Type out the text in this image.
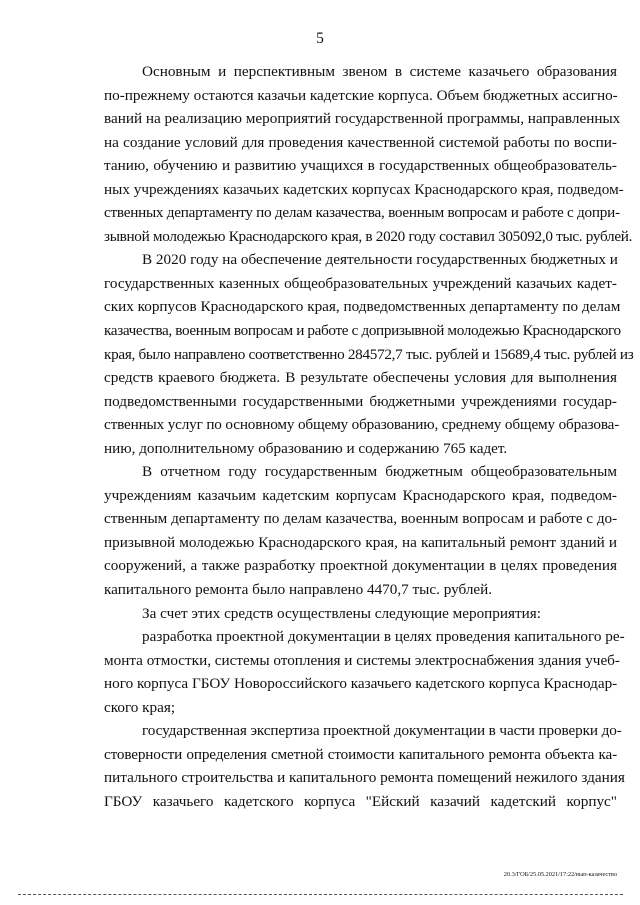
5
Основным и перспективным звеном в системе казачьего образования
по-прежнему остаются казачьи кадетские корпуса. Объем бюджетных ассигно-
ваний на реализацию мероприятий государственной программы, направленных
на создание условий для проведения качественной системой работы по воспи-
танию, обучению и развитию учащихся в государственных общеобразователь-
ных учреждениях казачьих кадетских корпусах Краснодарского края, подведом-
ственных департаменту по делам казачества, военным вопросам и работе с допри-
зывной молодежью Краснодарского края, в 2020 году составил 305092,0 тыс. рублей.
В 2020 году на обеспечение деятельности государственных бюджетных и
государственных казенных общеобразовательных учреждений казачьих кадет-
ских корпусов Краснодарского края, подведомственных департаменту по делам
казачества, военным вопросам и работе с допризывной молодежью Краснодарского
края, было направлено соответственно 284572,7 тыс. рублей и 15689,4 тыс. рублей из
средств краевого бюджета. В результате обеспечены условия для выполнения
подведомственными государственными бюджетными учреждениями государ-
ственных услуг по основному общему образованию, среднему общему образова-
нию, дополнительному образованию и содержанию 765 кадет.
В отчетном году государственным бюджетным общеобразовательным
учреждениям казачьим кадетским корпусам Краснодарского края, подведом-
ственным департаменту по делам казачества, военным вопросам и работе с до-
призывной молодежью Краснодарского края, на капитальный ремонт зданий и
сооружений, а также разработку проектной документации в целях проведения
капитального ремонта было направлено 4470,7 тыс. рублей.
За счет этих средств осуществлены следующие мероприятия:
разработка проектной документации в целях проведения капитального ре-
монта отмостки, системы отопления и системы электроснабжения здания учеб-
ного корпуса ГБОУ Новороссийского казачьего кадетского корпуса Краснодар-
ского края;
государственная экспертиза проектной документации в части проверки до-
стоверности определения сметной стоимости капитального ремонта объекта ка-
питального строительства и капитального ремонта помещений нежилого здания
ГБОУ казачьего кадетского корпуса "Ейский казачий кадетский корпус"
20.3/ГОБ/25.05.2021/17:22/вып-казачество
